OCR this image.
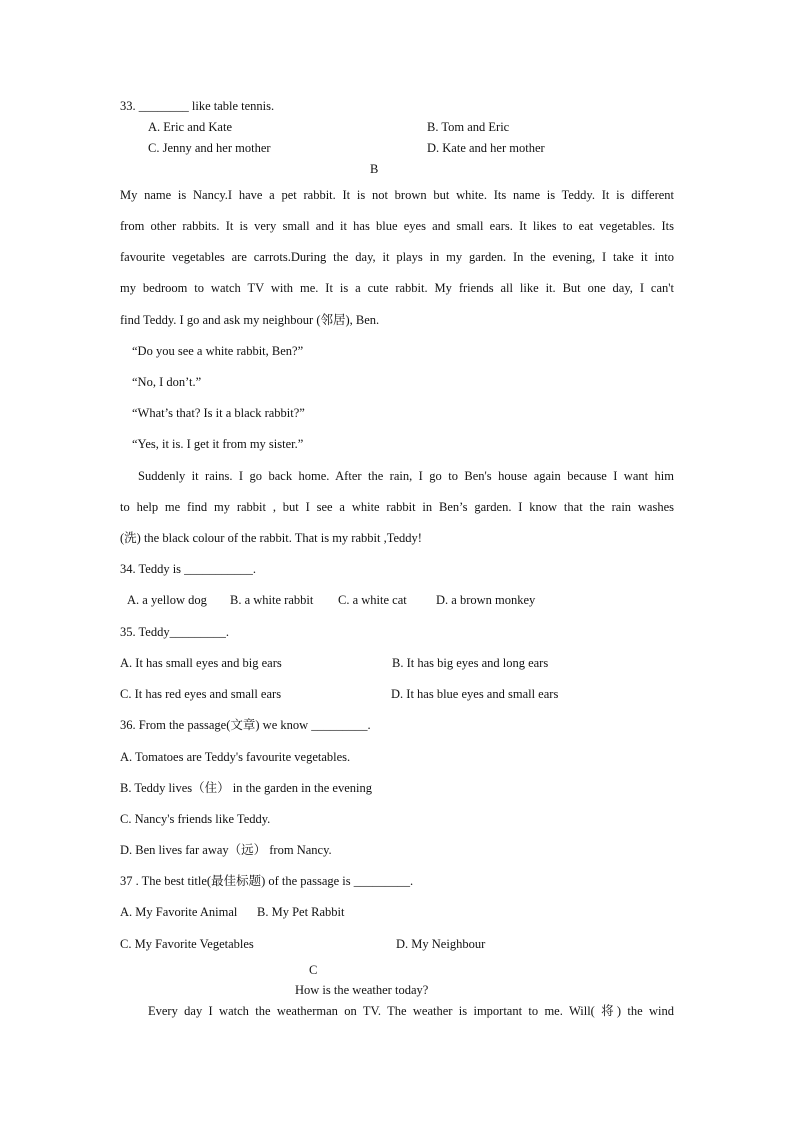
33. ________ like table tennis.
A. Eric and Kate	B. Tom and Eric
C. Jenny and her mother	D. Kate and her mother
B
My name is Nancy.I have a pet rabbit. It is not brown but white. Its name is Teddy. It is different
from other rabbits. It is very small and it has blue eyes and small ears. It likes to eat vegetables. Its
favourite vegetables are carrots.During the day, it plays in my garden. In the evening, I take it into
my bedroom to watch TV with me. It is a cute rabbit. My friends all like it. But one day, I can't
find Teddy. I go and ask my neighbour (邻居), Ben.
“Do you see a white rabbit, Ben?”
“No, I don’t.”
“What’s that? Is it a black rabbit?”
“Yes, it is. I get it from my sister.”
Suddenly it rains. I go back home. After the rain, I go to Ben's house again because I want him
to help me find my rabbit , but I see a white rabbit in Ben’s garden. I know that the rain washes
(洗) the black colour of the rabbit. That is my rabbit ,Teddy!
34. Teddy is ___________.
A. a yellow dog B. a white rabbit C. a white cat D. a brown monkey
35. Teddy_________.
A. It has small eyes and big ears	B. It has big eyes and long ears
C. It has red eyes and small ears	D. It has blue eyes and small ears
36. From the passage(文章) we know _________.
A. Tomatoes are Teddy's favourite vegetables.
B. Teddy lives（住） in the garden in the evening
C. Nancy's friends like Teddy.
D. Ben lives far away（远） from Nancy.
37 . The best title(最佳标题) of the passage is _________.
A. My Favorite Animal B. My Pet Rabbit
C. My Favorite Vegetables	D. My Neighbour
C
How is the weather today?
Every day I watch the weatherman on TV. The weather is important to me. Will( 将) the wind
